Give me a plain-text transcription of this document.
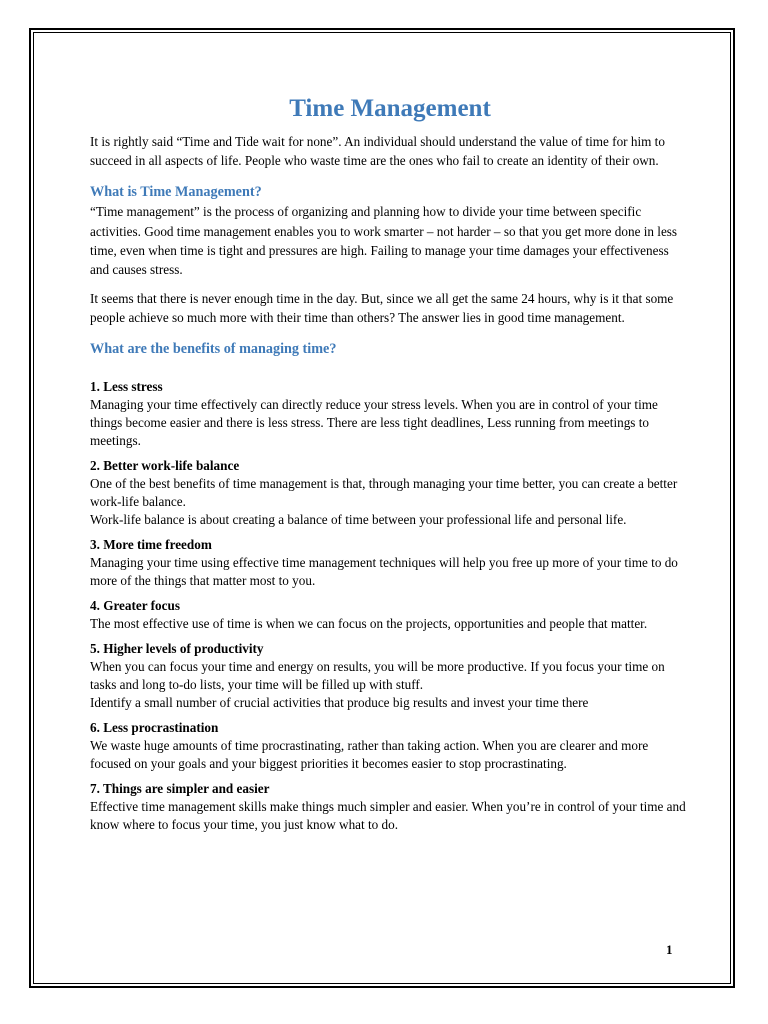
Time Management

It is rightly said “Time and Tide wait for none”. An individual should understand the value of time for him to succeed in all aspects of life. People who waste time are the ones who fail to create an identity of their own.

What is Time Management?

“Time management” is the process of organizing and planning how to divide your time between specific activities. Good time management enables you to work smarter – not harder – so that you get more done in less time, even when time is tight and pressures are high. Failing to manage your time damages your effectiveness and causes stress.

It seems that there is never enough time in the day. But, since we all get the same 24 hours, why is it that some people achieve so much more with their time than others? The answer lies in good time management.

What are the benefits of managing time?

1. Less stress

Managing your time effectively can directly reduce your stress levels. When you are in control of your time things become easier and there is less stress. There are less tight deadlines, Less running from meetings to meetings.

2. Better work-life balance

One of the best benefits of time management is that, through managing your time better, you can create a better work-life balance.

Work-life balance is about creating a balance of time between your professional life and personal life.

3. More time freedom

Managing your time using effective time management techniques will help you free up more of your time to do more of the things that matter most to you.

4. Greater focus

The most effective use of time is when we can focus on the projects, opportunities and people that matter.

5. Higher levels of productivity

When you can focus your time and energy on results, you will be more productive. If you focus your time on tasks and long to-do lists, your time will be filled up with stuff.

Identify a small number of crucial activities that produce big results and invest your time there

6. Less procrastination

We waste huge amounts of time procrastinating, rather than taking action. When you are clearer and more focused on your goals and your biggest priorities it becomes easier to stop procrastinating.

7. Things are simpler and easier

Effective time management skills make things much simpler and easier. When you’re in control of your time and know where to focus your time, you just know what to do.

1
